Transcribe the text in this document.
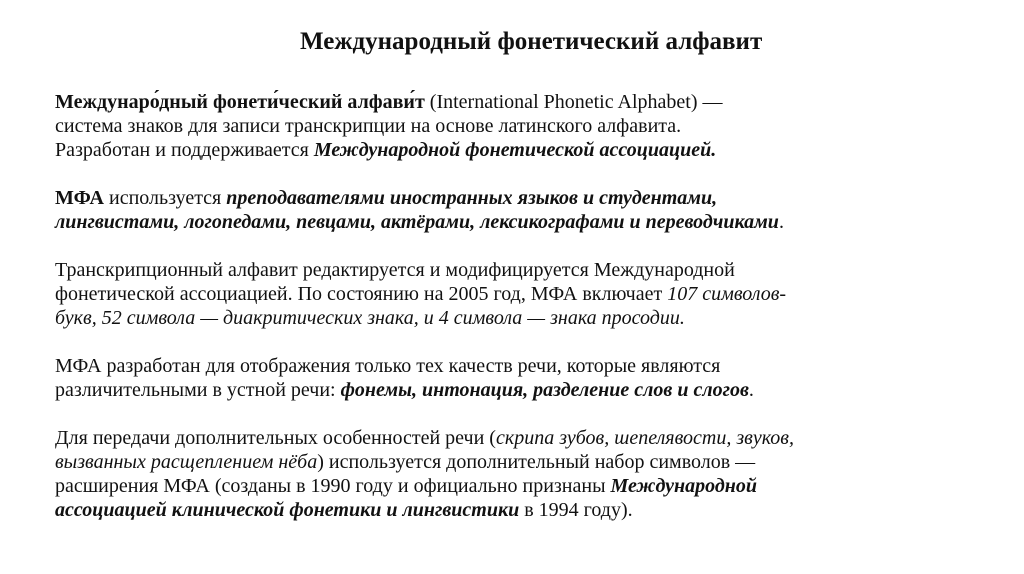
Международный фонетический алфавит
Междунаро́дный фонети́ческий алфави́т (International Phonetic Alphabet) —
система знаков для записи транскрипции на основе латинского алфавита.
Разработан и поддерживается Международной фонетической ассоциацией.
МФА используется преподавателями иностранных языков и студентами,
лингвистами, логопедами, певцами, актёрами, лексикографами и переводчиками.
Транскрипционный алфавит редактируется и модифицируется Международной
фонетической ассоциацией. По состоянию на 2005 год, МФА включает 107 символов-
букв, 52 символа — диакритических знака, и 4 символа — знака просодии.
МФА разработан для отображения только тех качеств речи, которые являются
различительными в устной речи: фонемы, интонация, разделение слов и слогов.
Для передачи дополнительных особенностей речи (скрипа зубов, шепелявости, звуков,
вызванных расщеплением нёба) используется дополнительный набор символов —
расширения МФА (созданы в 1990 году и официально признаны Международной
ассоциацией клинической фонетики и лингвистики в 1994 году).
